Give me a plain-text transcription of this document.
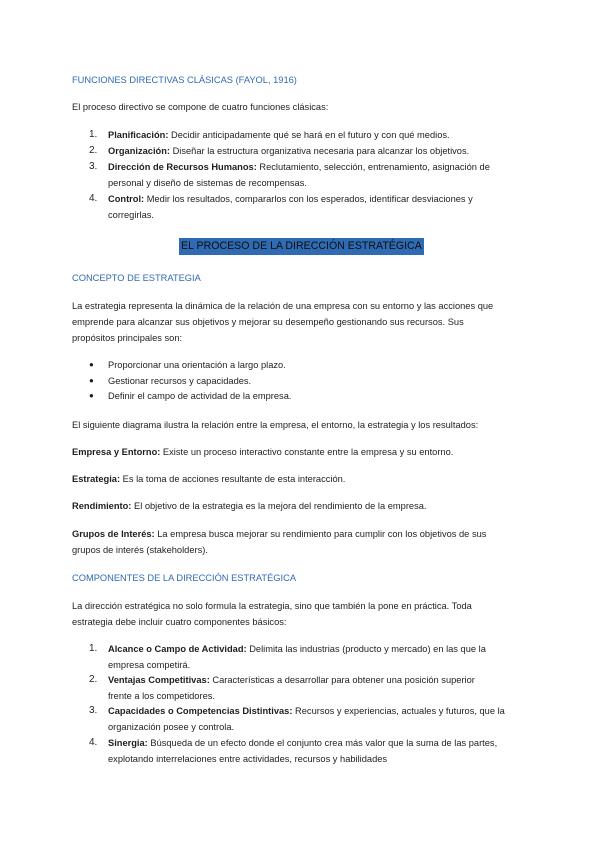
FUNCIONES DIRECTIVAS CLÁSICAS (FAYOL, 1916)
El proceso directivo se compone de cuatro funciones clásicas:
1. Planificación: Decidir anticipadamente qué se hará en el futuro y con qué medios.
2. Organización: Diseñar la estructura organizativa necesaria para alcanzar los objetivos.
3. Dirección de Recursos Humanos: Reclutamiento, selección, entrenamiento, asignación de
personal y diseño de sistemas de recompensas.
4. Control: Medir los resultados, compararlos con los esperados, identificar desviaciones y
corregirlas.
EL PROCESO DE LA DIRECCIÓN ESTRATÉGICA
CONCEPTO DE ESTRATEGIA
La estrategia representa la dinámica de la relación de una empresa con su entorno y las acciones que
emprende para alcanzar sus objetivos y mejorar su desempeño gestionando sus recursos. Sus
propósitos principales son:
● Proporcionar una orientación a largo plazo.
● Gestionar recursos y capacidades.
● Definir el campo de actividad de la empresa.
El siguiente diagrama ilustra la relación entre la empresa, el entorno, la estrategia y los resultados:
Empresa y Entorno: Existe un proceso interactivo constante entre la empresa y su entorno.
Estrategia: Es la toma de acciones resultante de esta interacción.
Rendimiento: El objetivo de la estrategia es la mejora del rendimiento de la empresa.
Grupos de Interés: La empresa busca mejorar su rendimiento para cumplir con los objetivos de sus
grupos de interés (stakeholders).
COMPONENTES DE LA DIRECCIÓN ESTRATÉGICA
La dirección estratégica no solo formula la estrategia, sino que también la pone en práctica. Toda
estrategia debe incluir cuatro componentes básicos:
1. Alcance o Campo de Actividad: Delimita las industrias (producto y mercado) en las que la
empresa competirá.
2. Ventajas Competitivas: Características a desarrollar para obtener una posición superior
frente a los competidores.
3. Capacidades o Competencias Distintivas: Recursos y experiencias, actuales y futuros, que la
organización posee y controla.
4. Sinergia: Búsqueda de un efecto donde el conjunto crea más valor que la suma de las partes,
explotando interrelaciones entre actividades, recursos y habilidades
